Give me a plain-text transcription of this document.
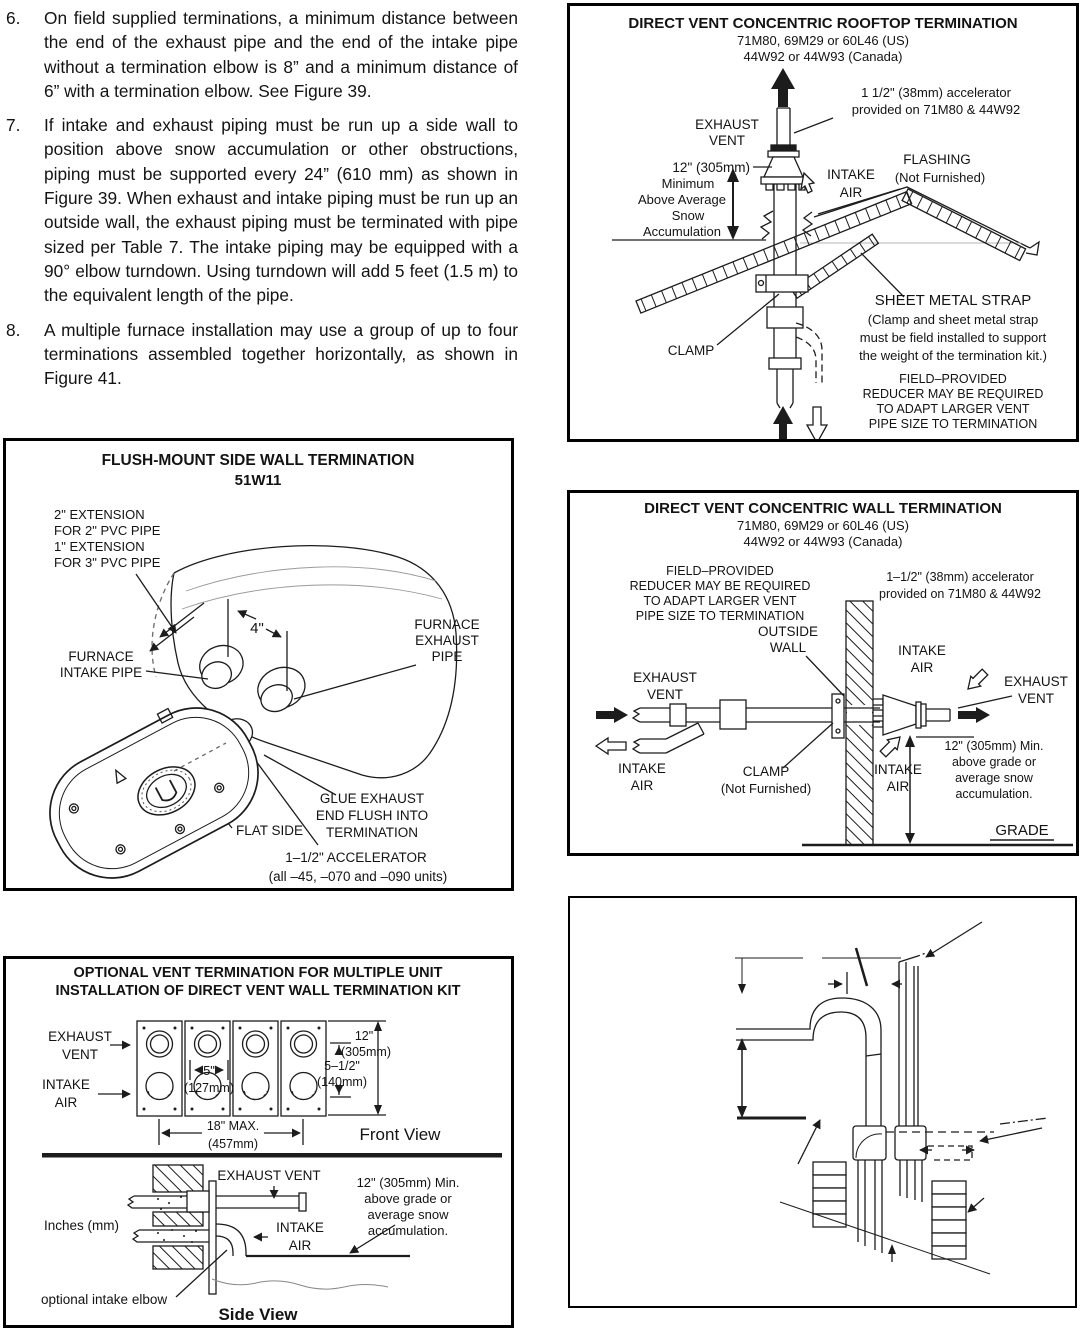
6.	On field supplied terminations, a minimum distance between the end of the exhaust pipe and the end of the intake pipe without a termination elbow is 8” and a minimum distance of 6” with a termination elbow. See Figure 39.
7.	If intake and exhaust piping must be run up a side wall to position above snow accumulation or other obstructions, piping must be supported every 24” (610 mm) as shown in Figure 39. When exhaust and intake piping must be run up an outside wall, the exhaust piping must be terminated with pipe sized per Table 7. The intake piping may be equipped with a 90° elbow turndown. Using turndown will add 5 feet (1.5 m) to the equivalent length of the pipe.
8.	A multiple furnace installation may use a group of up to four terminations assembled together horizontally, as shown in Figure 41.
DIRECT VENT CONCENTRIC ROOFTOP TERMINATION
71M80, 69M29 or 60L46 (US)
44W92 or 44W93 (Canada)
EXHAUST
VENT
1 1/2" (38mm) accelerator
provided on 71M80 & 44W92
12" (305mm)
Minimum
Above Average
Snow
Accumulation
INTAKE
AIR
FLASHING
(Not Furnished)
SHEET METAL STRAP
(Clamp and sheet metal strap
must be field installed to support
the weight of the termination kit.)
CLAMP
FIELD–PROVIDED
REDUCER MAY BE REQUIRED
TO ADAPT LARGER VENT
PIPE SIZE TO TERMINATION
FLUSH-MOUNT SIDE WALL TERMINATION
51W11
2" EXTENSION
FOR 2" PVC PIPE
1" EXTENSION
FOR 3" PVC PIPE
4"
FURNACE
INTAKE PIPE
FURNACE
EXHAUST
PIPE
GLUE EXHAUST
END FLUSH INTO
TERMINATION
FLAT SIDE
1–1/2" ACCELERATOR
(all –45, –070 and –090 units)
DIRECT VENT CONCENTRIC WALL TERMINATION
71M80, 69M29 or 60L46 (US)
44W92 or 44W93 (Canada)
FIELD–PROVIDED
REDUCER MAY BE REQUIRED
TO ADAPT LARGER VENT
PIPE SIZE TO TERMINATION
1–1/2" (38mm) accelerator
provided on 71M80 & 44W92
OUTSIDE
WALL
EXHAUST
VENT
INTAKE
AIR
INTAKE
AIR
EXHAUST
VENT
INTAKE
AIR
CLAMP
(Not Furnished)
12" (305mm) Min.
above grade or
average snow
accumulation.
GRADE
OPTIONAL VENT TERMINATION FOR MULTIPLE UNIT
INSTALLATION OF DIRECT VENT WALL TERMINATION KIT
EXHAUST
VENT
INTAKE
AIR
5"
(127mm)
5–1/2"
(140mm)
12"
(305mm)
18" MAX.
(457mm)	Front View
EXHAUST VENT	12" (305mm) Min.
above grade or
average snow
accumulation.
Inches (mm)	INTAKE
AIR
optional intake elbow
Side View
